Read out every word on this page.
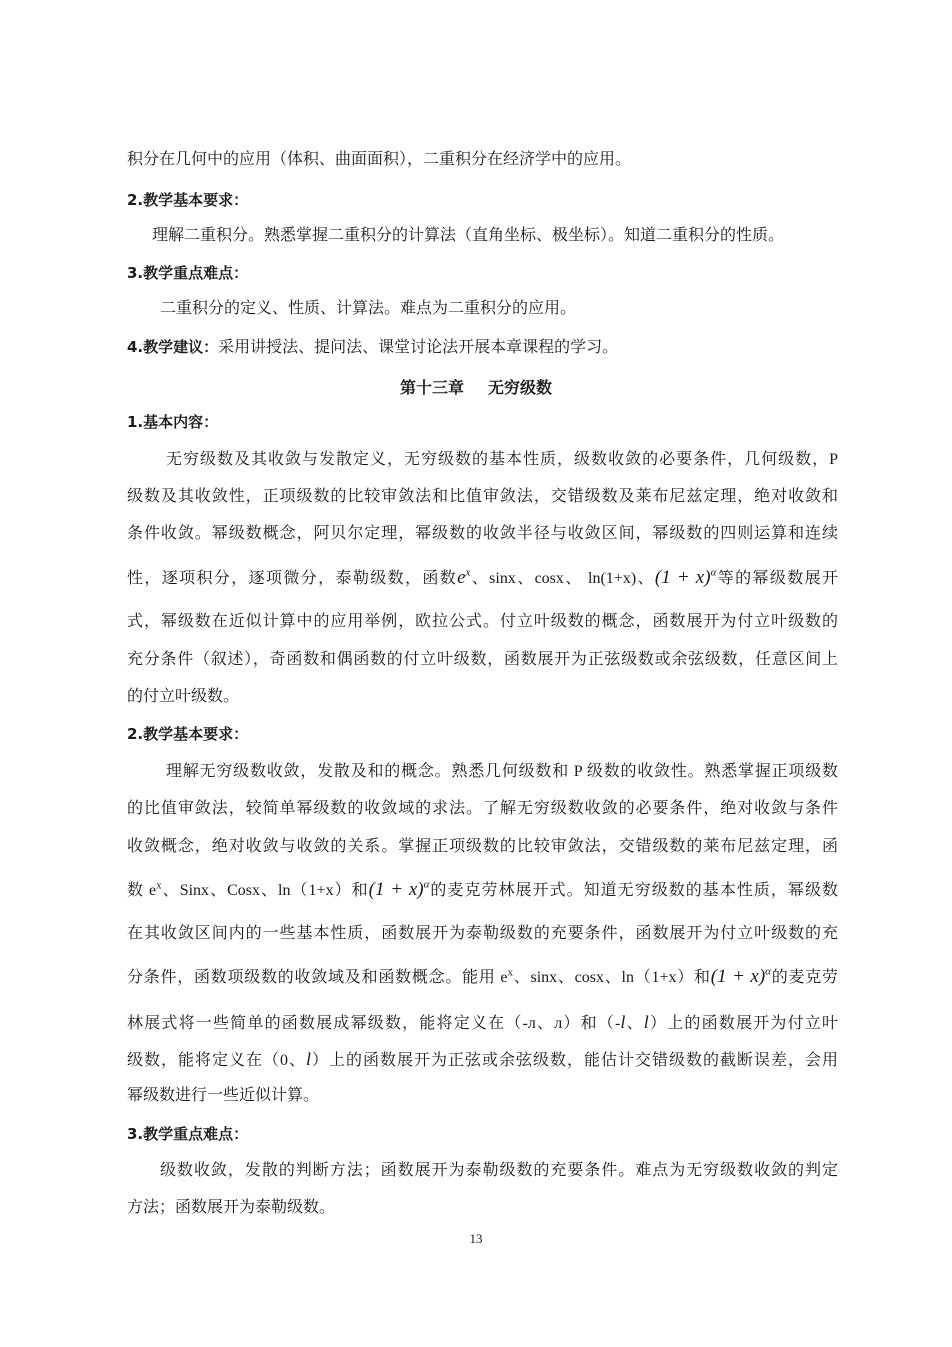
积分在几何中的应用（体积、曲面面积），二重积分在经济学中的应用。
2.教学基本要求：
理解二重积分。熟悉掌握二重积分的计算法（直角坐标、极坐标）。知道二重积分的性质。
3.教学重点难点：
二重积分的定义、性质、计算法。难点为二重积分的应用。
4.教学建议：采用讲授法、提问法、课堂讨论法开展本章课程的学习。
第十三章 无穷级数
1.基本内容：
无穷级数及其收敛与发散定义，无穷级数的基本性质，级数收敛的必要条件，几何级数，P
级数及其收敛性，正项级数的比较审敛法和比值审敛法，交错级数及莱布尼兹定理，绝对收敛和
条件收敛。幂级数概念，阿贝尔定理，幂级数的收敛半径与收敛区间，幂级数的四则运算和连续
性，逐项积分，逐项微分，泰勒级数，函数$e^x$、sinx、cosx、 ln(1+x)、$(1 + x)^\alpha$等的幂级数展开
式，幂级数在近似计算中的应用举例，欧拉公式。付立叶级数的概念，函数展开为付立叶级数的
充分条件（叙述），奇函数和偶函数的付立叶级数，函数展开为正弦级数或余弦级数，任意区间上
的付立叶级数。
2.教学基本要求：
理解无穷级数收敛，发散及和的概念。熟悉几何级数和 P 级数的收敛性。熟悉掌握正项级数
的比值审敛法，较简单幂级数的收敛域的求法。了解无穷级数收敛的必要条件，绝对收敛与条件
收敛概念，绝对收敛与收敛的关系。掌握正项级数的比较审敛法，交错级数的莱布尼兹定理，函
数 $e^x$、Sinx、Cosx、ln（1+x）和$(1 + x)^\alpha$的麦克劳林展开式。知道无穷级数的基本性质，幂级数
在其收敛区间内的一些基本性质，函数展开为泰勒级数的充要条件，函数展开为付立叶级数的充
分条件，函数项级数的收敛域及和函数概念。能用 $e^x$、sinx、cosx、ln（1+x）和$(1 + x)^\alpha$的麦克劳
林展式将一些简单的函数展成幂级数，能将定义在（-л、л）和（-l、l）上的函数展开为付立叶
级数，能将定义在（0、l）上的函数展开为正弦或余弦级数，能估计交错级数的截断误差，会用
幂级数进行一些近似计算。
3.教学重点难点：
级数收敛，发散的判断方法；函数展开为泰勒级数的充要条件。难点为无穷级数收敛的判定
方法；函数展开为泰勒级数。
13
